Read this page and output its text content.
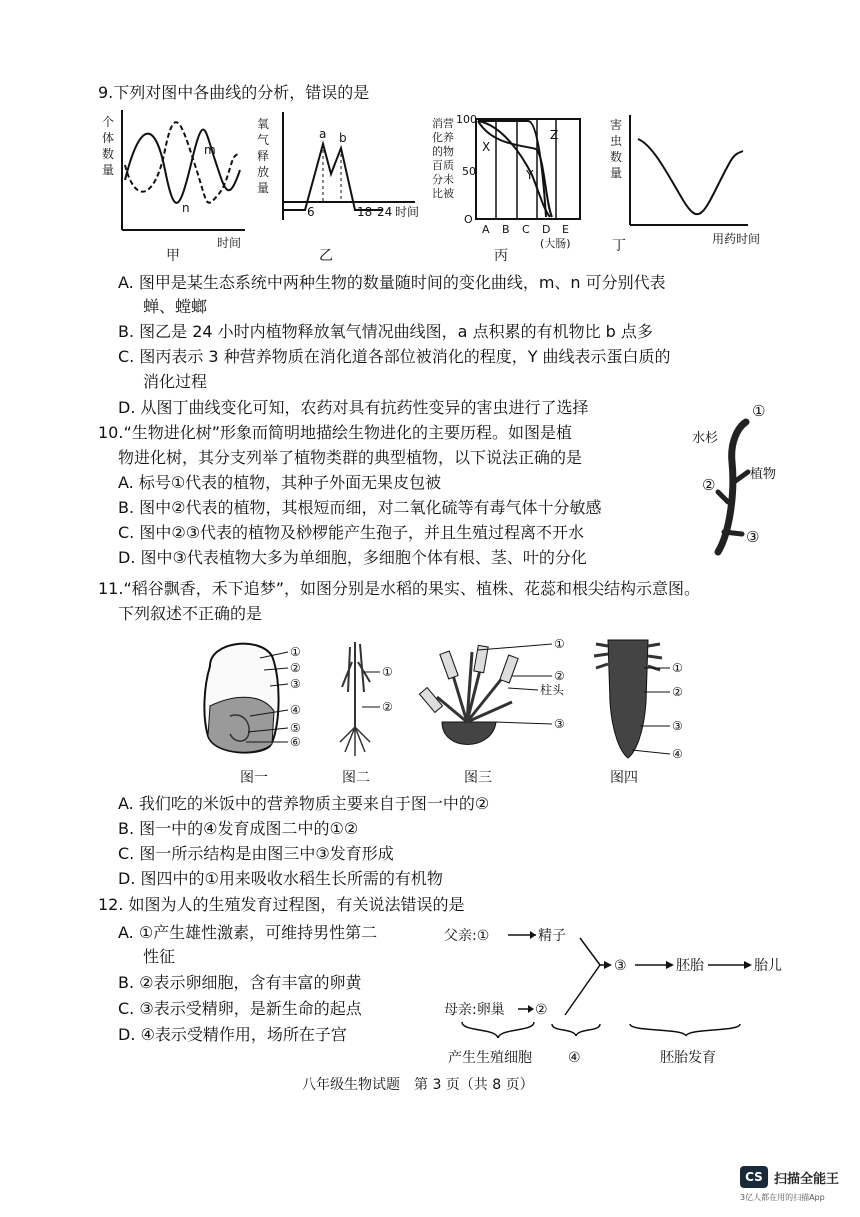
9.下列对图中各曲线的分析，错误的是
个
体
数
量
m
n
时间
甲
氧
气
释
放
量
a b
6	18 24 时间
乙
消营
化养
的物
百质
分未
比被
100
50
O
X
Y
Z
A B C D E
(大肠)
丙
害
虫
数
量
用药时间
丁
A. 图甲是某生态系统中两种生物的数量随时间的变化曲线，m、n 可分别代表
蝉、螳螂
B. 图乙是 24 小时内植物释放氧气情况曲线图，a 点积累的有机物比 b 点多
C. 图丙表示 3 种营养物质在消化道各部位被消化的程度，Y 曲线表示蛋白质的
消化过程
D. 从图丁曲线变化可知，农药对具有抗药性变异的害虫进行了选择
10.“生物进化树”形象而简明地描绘生物进化的主要历程。如图是植
物进化树，其分支列举了植物类群的典型植物，以下说法正确的是
A. 标号①代表的植物，其种子外面无果皮包被
B. 图中②代表的植物，其根短而细，对二氧化硫等有毒气体十分敏感
C. 图中②③代表的植物及桫椤能产生孢子，并且生殖过程离不开水
D. 图中③代表植物大多为单细胞，多细胞个体有根、茎、叶的分化
①
水杉
植物
②
③
11.“稻谷飘香，禾下追梦”，如图分别是水稻的果实、植株、花蕊和根尖结构示意图。
下列叙述不正确的是
①
②
③
④
⑤
⑥
图一
①
②
图二
①
②
柱头
③
图三
①
②
③
④
图四
A. 我们吃的米饭中的营养物质主要来自于图一中的②
B. 图一中的④发育成图二中的①②
C. 图一所示结构是由图三中③发育形成
D. 图四中的①用来吸收水稻生长所需的有机物
12. 如图为人的生殖发育过程图，有关说法错误的是
A. ①产生雄性激素，可维持男性第二
性征
B. ②表示卵细胞，含有丰富的卵黄
C. ③表示受精卵，是新生命的起点
D. ④表示受精作用，场所在子宫
父亲:①	精子
③	胚胎	胎儿
母亲:卵巢 ②
产生生殖细胞	④	胚胎发育
八年级生物试题　第 3 页（共 8 页）
CS 扫描全能王
3亿人都在用的扫描App
